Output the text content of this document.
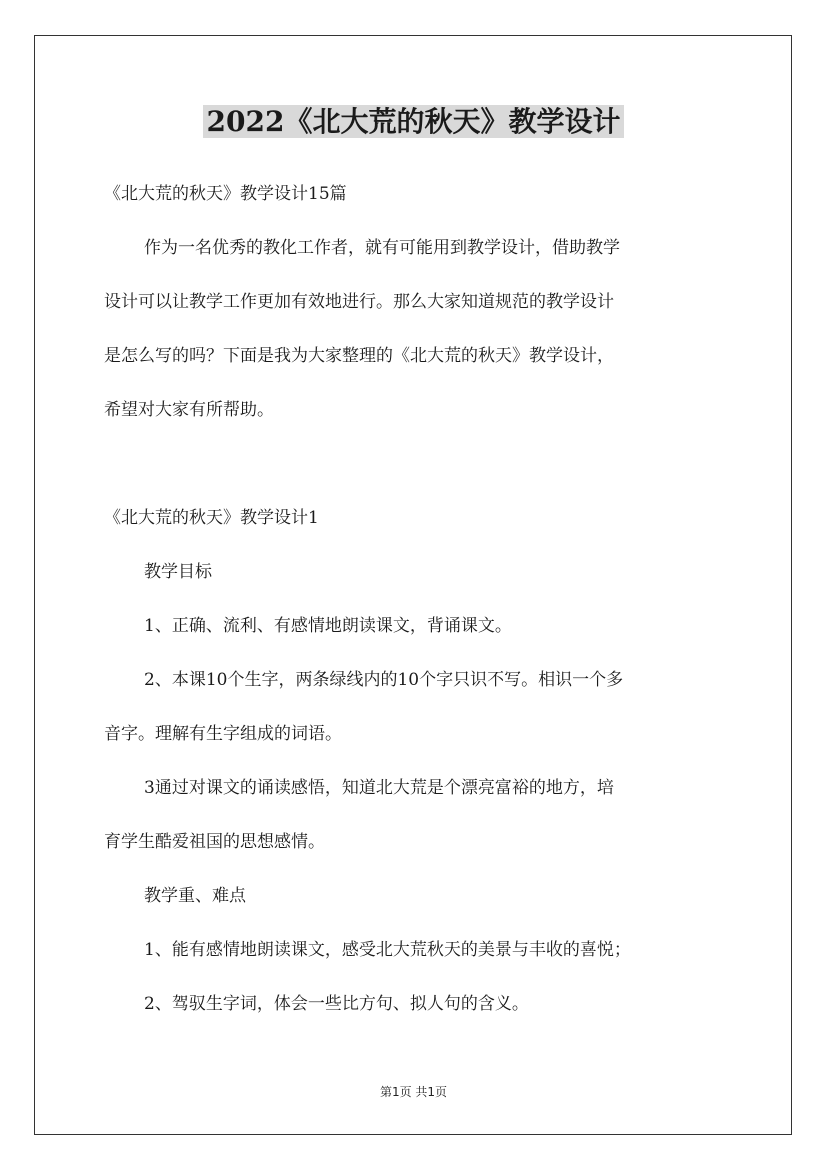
2022《北大荒的秋天》教学设计
《北大荒的秋天》教学设计15篇
作为一名优秀的教化工作者，就有可能用到教学设计，借助教学
设计可以让教学工作更加有效地进行。那么大家知道规范的教学设计
是怎么写的吗？下面是我为大家整理的《北大荒的秋天》教学设计，
希望对大家有所帮助。
《北大荒的秋天》教学设计1
教学目标
1、正确、流利、有感情地朗读课文，背诵课文。
2、本课10个生字，两条绿线内的10个字只识不写。相识一个多
音字。理解有生字组成的词语。
3通过对课文的诵读感悟，知道北大荒是个漂亮富裕的地方，培
育学生酷爱祖国的思想感情。
教学重、难点
1、能有感情地朗读课文，感受北大荒秋天的美景与丰收的喜悦；
2、驾驭生字词，体会一些比方句、拟人句的含义。
第1页 共1页
